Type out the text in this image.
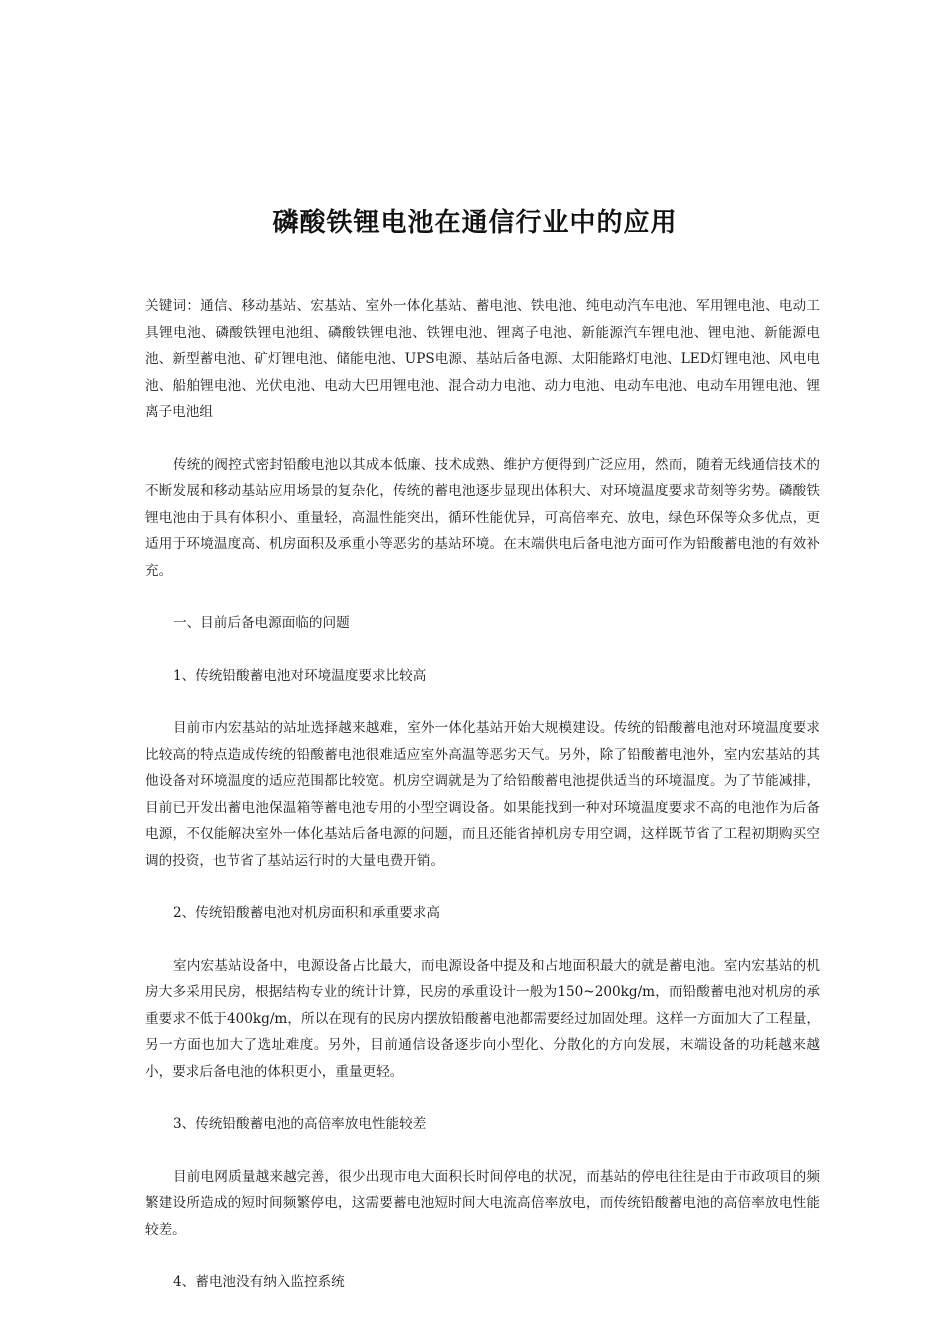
磷酸铁锂电池在通信行业中的应用

关键词：通信、移动基站、宏基站、室外一体化基站、蓄电池、铁电池、纯电动汽车电池、军用锂电池、电动工具锂电池、磷酸铁锂电池组、磷酸铁锂电池、铁锂电池、锂离子电池、新能源汽车锂电池、锂电池、新能源电池、新型蓄电池、矿灯锂电池、储能电池、UPS电源、基站后备电源、太阳能路灯电池、LED灯锂电池、风电电池、船舶锂电池、光伏电池、电动大巴用锂电池、混合动力电池、动力电池、电动车电池、电动车用锂电池、锂离子电池组

传统的阀控式密封铅酸电池以其成本低廉、技术成熟、维护方便得到广泛应用，然而，随着无线通信技术的不断发展和移动基站应用场景的复杂化，传统的蓄电池逐步显现出体积大、对环境温度要求苛刻等劣势。磷酸铁锂电池由于具有体积小、重量轻，高温性能突出，循环性能优异，可高倍率充、放电，绿色环保等众多优点，更适用于环境温度高、机房面积及承重小等恶劣的基站环境。在末端供电后备电池方面可作为铅酸蓄电池的有效补充。

一、目前后备电源面临的问题

1、传统铅酸蓄电池对环境温度要求比较高

目前市内宏基站的站址选择越来越难，室外一体化基站开始大规模建设。传统的铅酸蓄电池对环境温度要求比较高的特点造成传统的铅酸蓄电池很难适应室外高温等恶劣天气。另外，除了铅酸蓄电池外，室内宏基站的其他设备对环境温度的适应范围都比较宽。机房空调就是为了给铅酸蓄电池提供适当的环境温度。为了节能减排，目前已开发出蓄电池保温箱等蓄电池专用的小型空调设备。如果能找到一种对环境温度要求不高的电池作为后备电源，不仅能解决室外一体化基站后备电源的问题，而且还能省掉机房专用空调，这样既节省了工程初期购买空调的投资，也节省了基站运行时的大量电费开销。

2、传统铅酸蓄电池对机房面积和承重要求高

室内宏基站设备中，电源设备占比最大，而电源设备中提及和占地面积最大的就是蓄电池。室内宏基站的机房大多采用民房，根据结构专业的统计计算，民房的承重设计一般为150~200kg/m，而铅酸蓄电池对机房的承重要求不低于400kg/m，所以在现有的民房内摆放铅酸蓄电池都需要经过加固处理。这样一方面加大了工程量，另一方面也加大了选址难度。另外，目前通信设备逐步向小型化、分散化的方向发展，末端设备的功耗越来越小，要求后备电池的体积更小，重量更轻。

3、传统铅酸蓄电池的高倍率放电性能较差

目前电网质量越来越完善，很少出现市电大面积长时间停电的状况，而基站的停电往往是由于市政项目的频繁建设所造成的短时间频繁停电，这需要蓄电池短时间大电流高倍率放电，而传统铅酸蓄电池的高倍率放电性能较差。

4、蓄电池没有纳入监控系统
